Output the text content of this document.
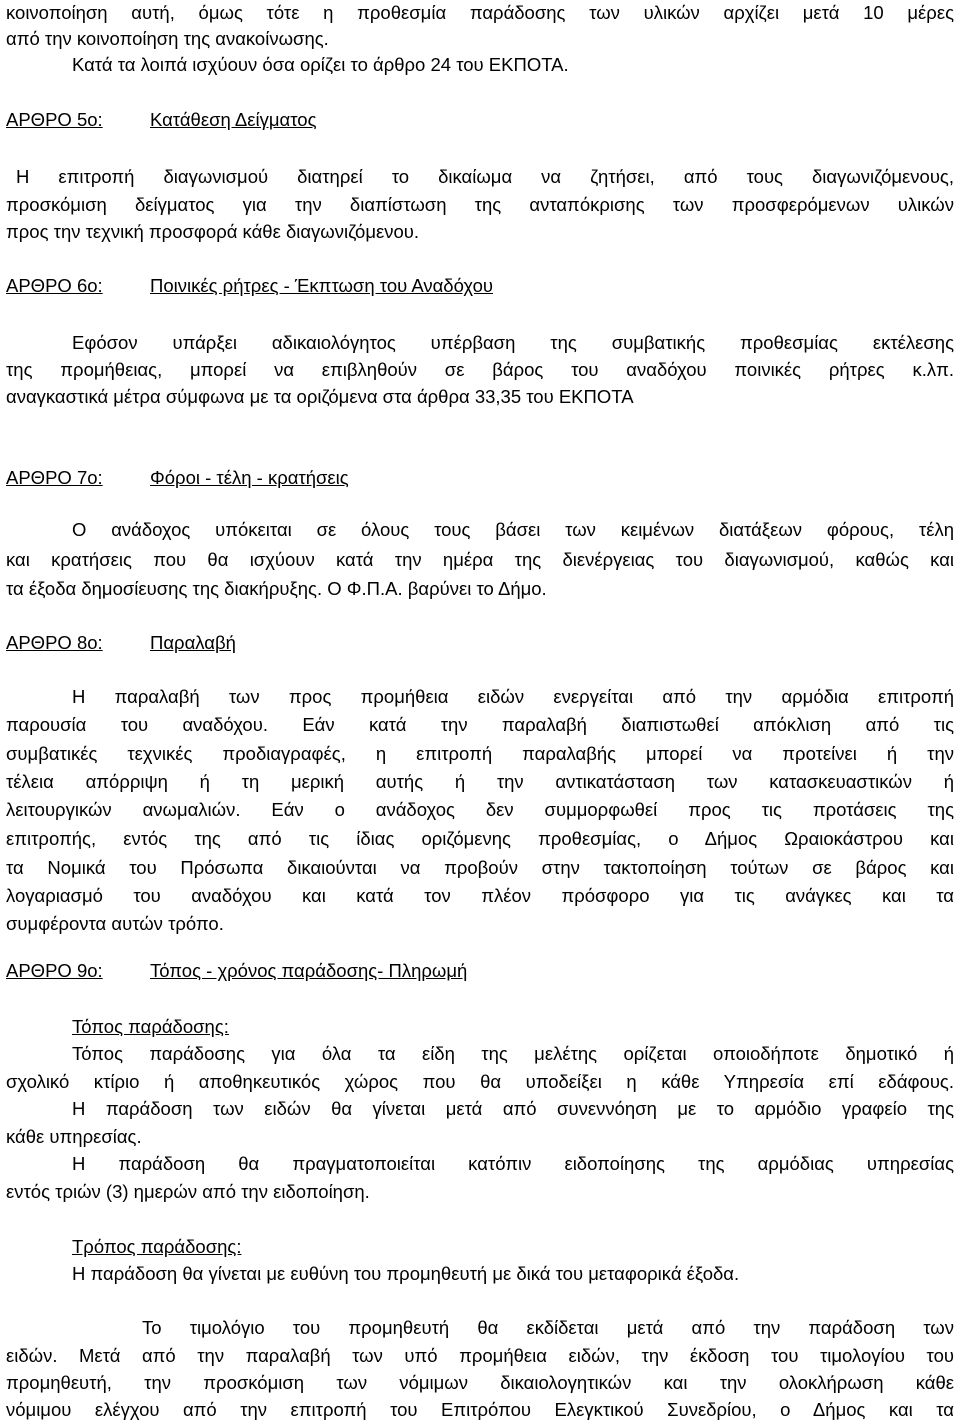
κοινοποίηση αυτή, όμως τότε η προθεσμία παράδοσης των υλικών αρχίζει μετά 10 μέρες
από την κοινοποίηση της ανακοίνωσης.
Κατά τα λοιπά ισχύουν όσα ορίζει το άρθρο 24 του ΕΚΠΟΤΑ.
ΑΡΘΡΟ 5ο:	Κατάθεση Δείγματος
Η επιτροπή διαγωνισμού διατηρεί το δικαίωμα να ζητήσει, από τους διαγωνιζόμενους,
προσκόμιση δείγματος για την διαπίστωση της ανταπόκρισης των προσφερόμενων υλικών
προς την τεχνική προσφορά κάθε διαγωνιζόμενου.
ΑΡΘΡΟ 6ο:	Ποινικές ρήτρες - Έκπτωση του Αναδόχου
Εφόσον υπάρξει αδικαιολόγητος υπέρβαση της συμβατικής προθεσμίας εκτέλεσης
της προμήθειας, μπορεί να επιβληθούν σε βάρος του αναδόχου ποινικές ρήτρες κ.λπ.
αναγκαστικά μέτρα σύμφωνα με τα οριζόμενα στα άρθρα 33,35 του ΕΚΠΟΤΑ
ΑΡΘΡΟ 7ο:	Φόροι - τέλη - κρατήσεις
Ο ανάδοχος υπόκειται σε όλους τους βάσει των κειμένων διατάξεων φόρους, τέλη
και κρατήσεις που θα ισχύουν κατά την ημέρα της διενέργειας του διαγωνισμού, καθώς και
τα έξοδα δημοσίευσης της διακήρυξης. Ο Φ.Π.Α. βαρύνει το Δήμο.
ΑΡΘΡΟ 8ο:	Παραλαβή
Η παραλαβή των προς προμήθεια ειδών ενεργείται από την αρμόδια επιτροπή
παρουσία του αναδόχου. Εάν κατά την παραλαβή διαπιστωθεί απόκλιση από τις
συμβατικές τεχνικές προδιαγραφές, η επιτροπή παραλαβής μπορεί να προτείνει ή την
τέλεια απόρριψη ή τη μερική αυτής ή την αντικατάσταση των κατασκευαστικών ή
λειτουργικών ανωμαλιών. Εάν ο ανάδοχος δεν συμμορφωθεί προς τις προτάσεις της
επιτροπής, εντός της από τις ίδιας οριζόμενης προθεσμίας, ο Δήμος Ωραιοκάστρου και
τα Νομικά του Πρόσωπα δικαιούνται να προβούν στην τακτοποίηση τούτων σε βάρος και
λογαριασμό του αναδόχου και κατά τον πλέον πρόσφορο για τις ανάγκες και τα
συμφέροντα αυτών τρόπο.
ΑΡΘΡΟ 9ο:	Τόπος - χρόνος παράδοσης- Πληρωμή
Τόπος παράδοσης:
Τόπος παράδοσης για όλα τα είδη της μελέτης ορίζεται οποιοδήποτε δημοτικό ή
σχολικό κτίριο ή αποθηκευτικός χώρος που θα υποδείξει η κάθε Υπηρεσία επί εδάφους.
Η παράδοση των ειδών θα γίνεται μετά από συνεννόηση με το αρμόδιο γραφείο της
κάθε υπηρεσίας.
Η παράδοση θα πραγματοποιείται κατόπιν ειδοποίησης της αρμόδιας υπηρεσίας
εντός τριών (3) ημερών από την ειδοποίηση.
Τρόπος παράδοσης:
Η παράδοση θα γίνεται με ευθύνη του προμηθευτή με δικά του μεταφορικά έξοδα.
Το τιμολόγιο του προμηθευτή θα εκδίδεται μετά από την παράδοση των
ειδών. Μετά από την παραλαβή των υπό προμήθεια ειδών, την έκδοση του τιμολογίου του
προμηθευτή, την προσκόμιση των νόμιμων δικαιολογητικών και την ολοκλήρωση κάθε
νόμιμου ελέγχου από την επιτροπή του Επιτρόπου Ελεγκτικού Συνεδρίου, ο Δήμος και τα
